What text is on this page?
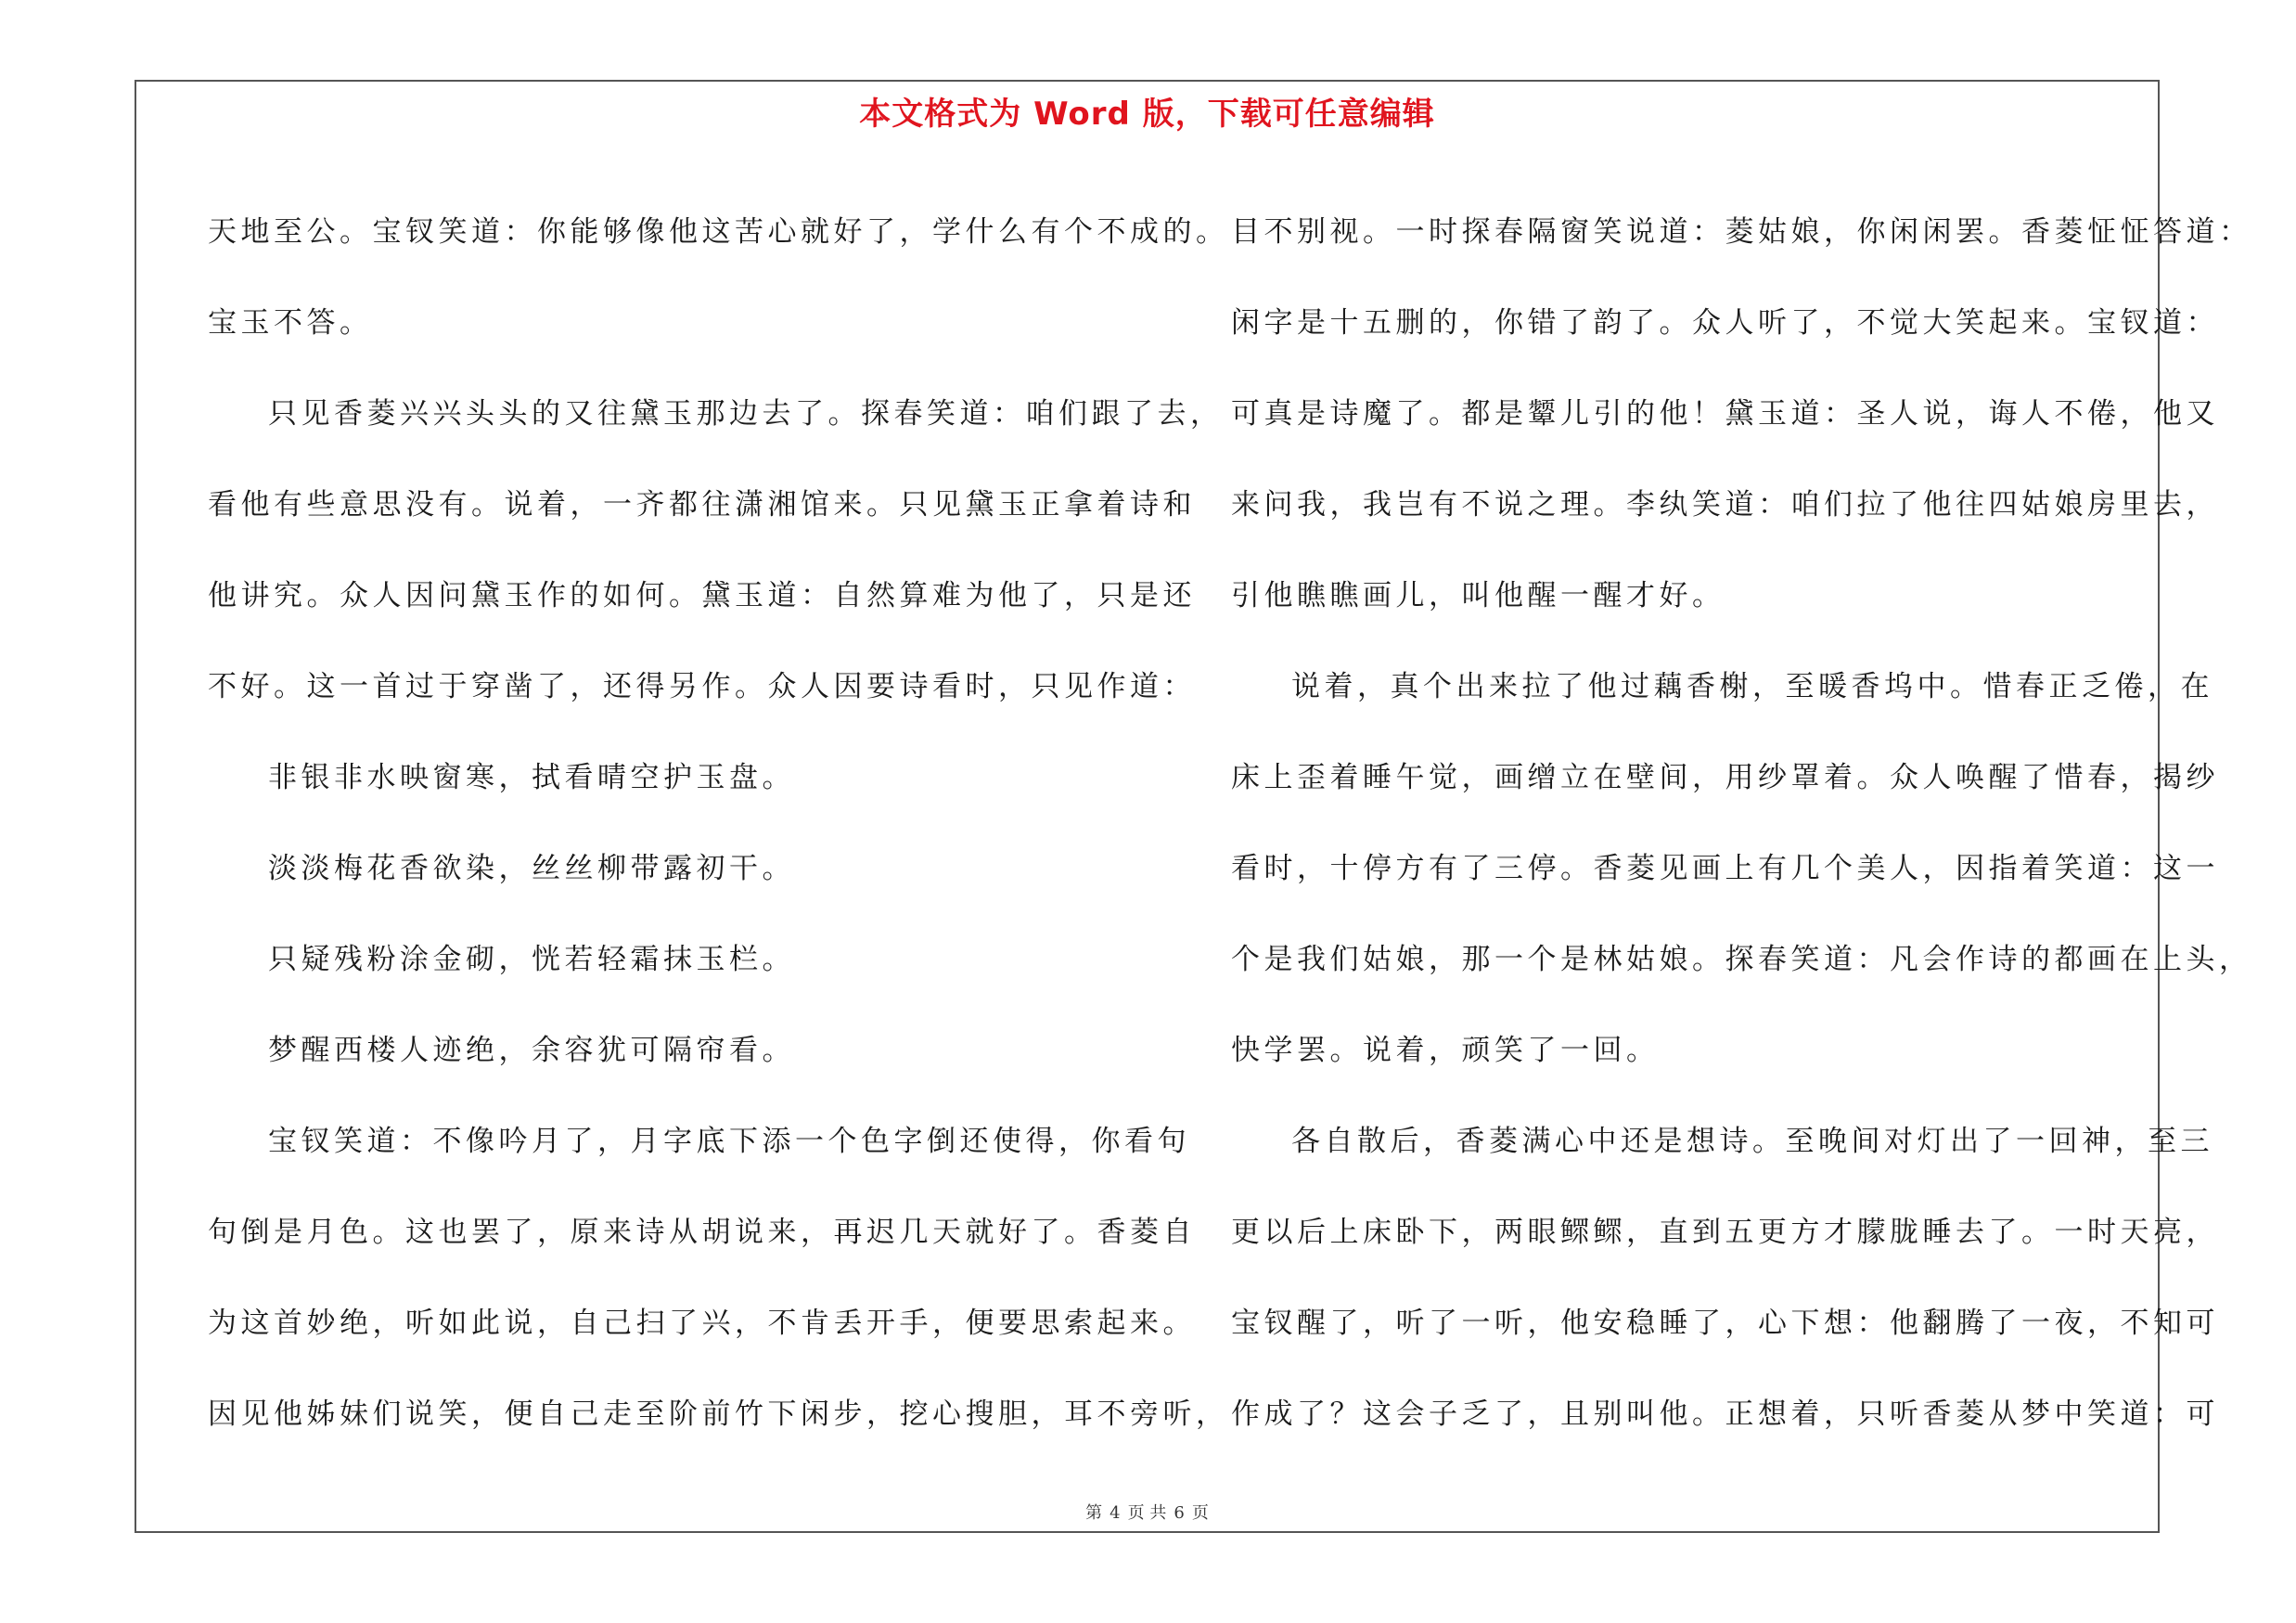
本文格式为 Word 版，下载可任意编辑
天地至公。宝钗笑道：你能够像他这苦心就好了，学什么有个不成的。
宝玉不答。
只见香菱兴兴头头的又往黛玉那边去了。探春笑道：咱们跟了去，
看他有些意思没有。说着，一齐都往潇湘馆来。只见黛玉正拿着诗和
他讲究。众人因问黛玉作的如何。黛玉道：自然算难为他了，只是还
不好。这一首过于穿凿了，还得另作。众人因要诗看时，只见作道：
非银非水映窗寒，拭看晴空护玉盘。
淡淡梅花香欲染，丝丝柳带露初干。
只疑残粉涂金砌，恍若轻霜抹玉栏。
梦醒西楼人迹绝，余容犹可隔帘看。
宝钗笑道：不像吟月了，月字底下添一个色字倒还使得，你看句
句倒是月色。这也罢了，原来诗从胡说来，再迟几天就好了。香菱自
为这首妙绝，听如此说，自己扫了兴，不肯丢开手，便要思索起来。
因见他姊妹们说笑，便自己走至阶前竹下闲步，挖心搜胆，耳不旁听，
目不别视。一时探春隔窗笑说道：菱姑娘，你闲闲罢。香菱怔怔答道：
闲字是十五删的，你错了韵了。众人听了，不觉大笑起来。宝钗道：
可真是诗魔了。都是颦儿引的他！黛玉道：圣人说，诲人不倦，他又
来问我，我岂有不说之理。李纨笑道：咱们拉了他往四姑娘房里去，
引他瞧瞧画儿，叫他醒一醒才好。
说着，真个出来拉了他过藕香榭，至暖香坞中。惜春正乏倦，在
床上歪着睡午觉，画缯立在壁间，用纱罩着。众人唤醒了惜春，揭纱
看时，十停方有了三停。香菱见画上有几个美人，因指着笑道：这一
个是我们姑娘，那一个是林姑娘。探春笑道：凡会作诗的都画在上头，
快学罢。说着，顽笑了一回。
各自散后，香菱满心中还是想诗。至晚间对灯出了一回神，至三
更以后上床卧下，两眼鳏鳏，直到五更方才朦胧睡去了。一时天亮，
宝钗醒了，听了一听，他安稳睡了，心下想：他翻腾了一夜，不知可
作成了？这会子乏了，且别叫他。正想着，只听香菱从梦中笑道：可
第 4 页 共 6 页
